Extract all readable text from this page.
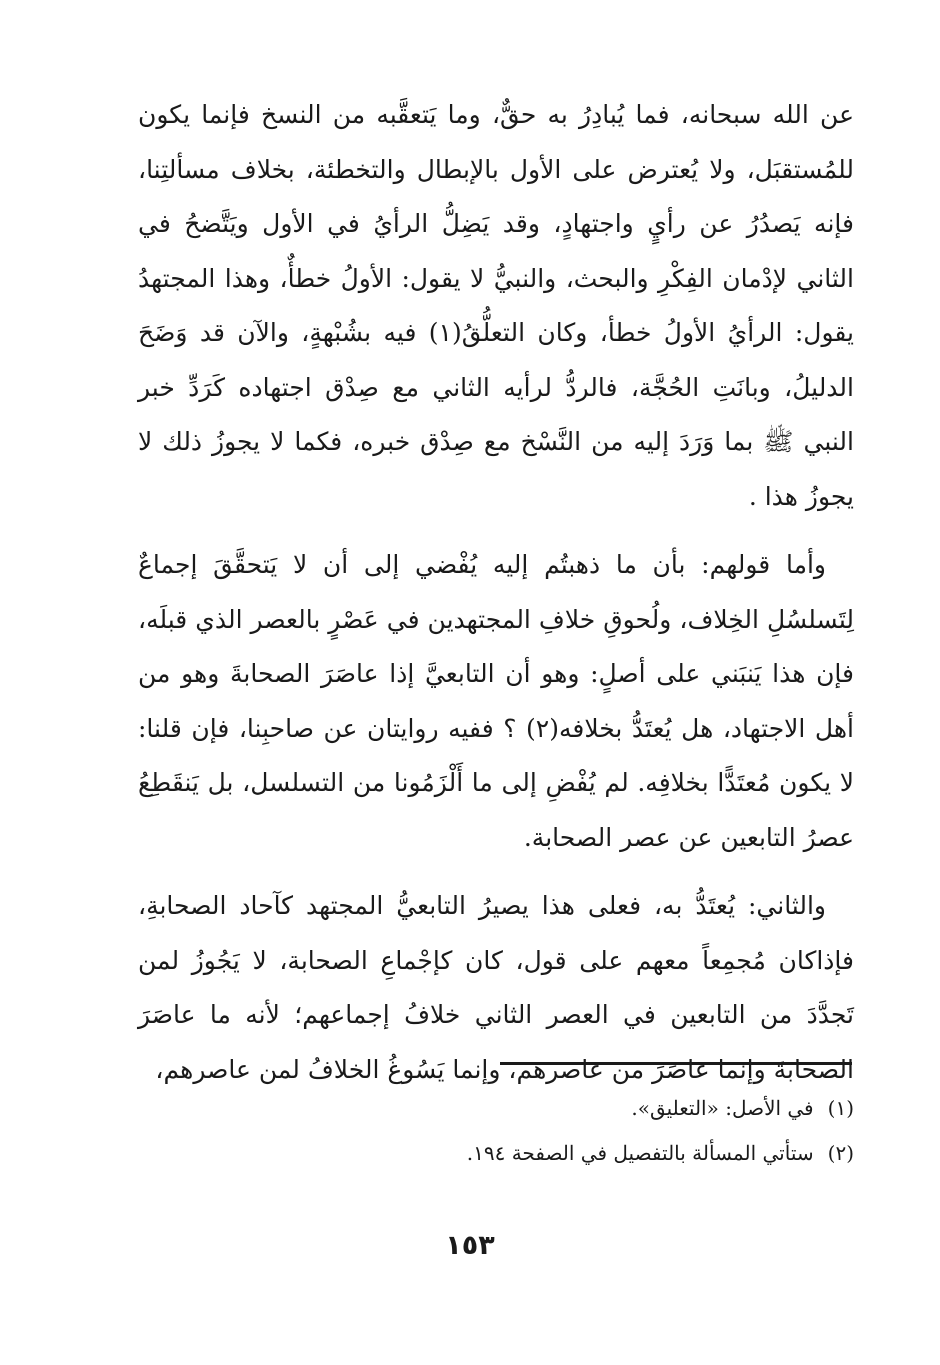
عن الله سبحانه، فما يُبادِرُ به حقٌّ، وما يَتعقَّبه من النسخ فإنما يكون للمُستقبَل، ولا يُعترض على الأول بالإبطال والتخطئة، بخلاف مسألتِنا، فإنه يَصدُرُ عن رأيٍ واجتهادٍ، وقد يَضِلُّ الرأيُ في الأول ويَتَّضحُ في الثاني لإدْمان الفِكْرِ والبحث، والنبيُّ لا يقول: الأولُ خطأٌ، وهذا المجتهدُ يقول: الرأيُ الأولُ خطأ، وكان التعلُّقُ(١) فيه بشُبْهةٍ، والآن قد وَضَحَ الدليلُ، وبانَتِ الحُجَّة، فالردُّ لرأيه الثاني مع صِدْق اجتهاده كَرَدِّ خبر النبي ﷺ بما وَرَدَ إليه من النَّسْخ مع صِدْق خبره، فكما لا يجوزُ ذلك لا يجوزُ هذا .

وأما قولهم: بأن ما ذهبتُم إليه يُفْضي إلى أن لا يَتحقَّقَ إجماعٌ لِتَسلسُلِ الخِلاف، ولُحوقِ خلافِ المجتهدين في عَصْرٍ بالعصر الذي قبلَه، فإن هذا يَنبَني على أصلٍ: وهو أن التابعيَّ إذا عاصَرَ الصحابةَ وهو من أهل الاجتهاد، هل يُعتَدُّ بخلافه(٢) ؟ ففيه روايتان عن صاحبِنا، فإن قلنا: لا يكون مُعتَدًّا بخلافِه. لم يُفْضِ إلى ما أَلْزَمُونا من التسلسل، بل يَنقَطِعُ عصرُ التابعين عن عصر الصحابة.

والثاني: يُعتَدُّ به، فعلى هذا يصيرُ التابعيُّ المجتهد كآحاد الصحابةِ، فإذاكان مُجمِعاً معهم على قول، كان كإجْماعِ الصحابة، لا يَجُوزُ لمن تَجدَّدَ من التابعين في العصر الثاني خلافُ إجماعهم؛ لأنه ما عاصَرَ الصحابةَ وإنما عاصَرَ من عاصرهم، وإنما يَسُوغُ الخلافُ لمن عاصرهم،

(١)في الأصل: «التعليق».

(٢)ستأتي المسألة بالتفصيل في الصفحة ١٩٤.

١٥٣
